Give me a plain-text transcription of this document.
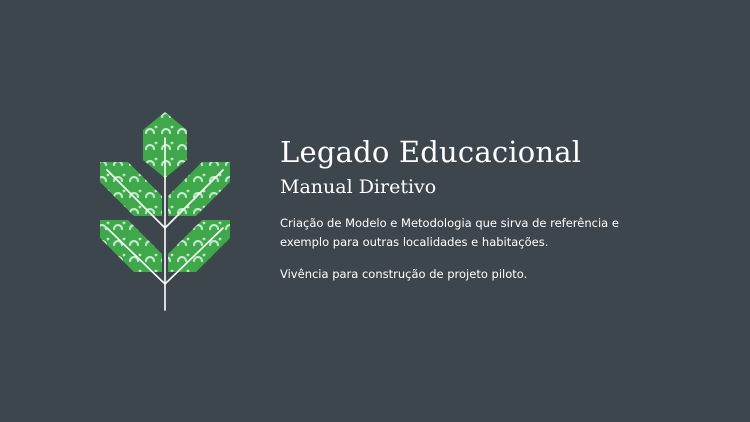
Legado Educacional
Manual Diretivo

Criação de Modelo e Metodologia que sirva de referência e
exemplo para outras localidades e habitações.

Vivência para construção de projeto piloto.
